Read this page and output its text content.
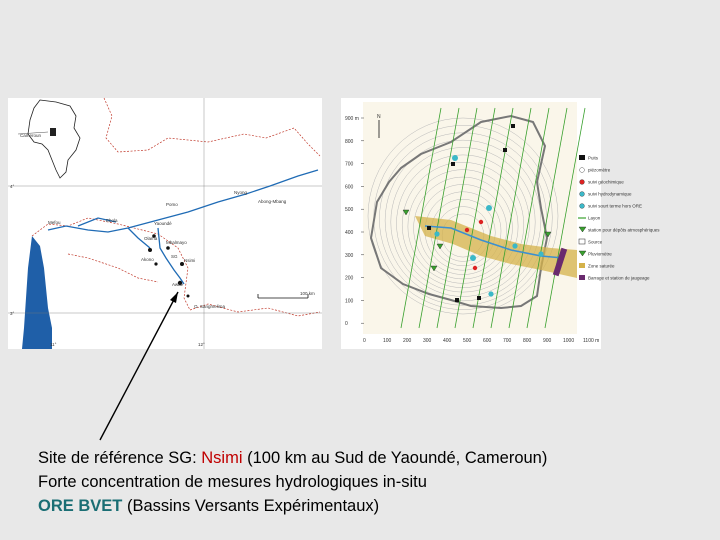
Cameroun
4°
3°
11°	12°
Yaoundé
Ebola
Olama
Mbalmayo
Akono
SG
Nsimi
Awae
Nyong
Abong-Mbang
Mefou
O. Sangmelima
Pomo
100 km
N
900 m
800
700
600
500
400
300
200
100
0
0	100 200 300 400 500 600 700 800 900 1000 1100 m
Puits
piézomètre
suivi géochimique
suivi hydrodynamique
suivi sourt terme hors ORE
Layon
station pour dépôts atmosphériques
Source
Pluviomètre
Zone saturée
Barrage et station de jaugeage
Site de référence SG: Nsimi (100 km au Sud de Yaoundé, Cameroun)
Forte concentration de mesures hydrologiques in-situ
ORE BVET (Bassins Versants Expérimentaux)
